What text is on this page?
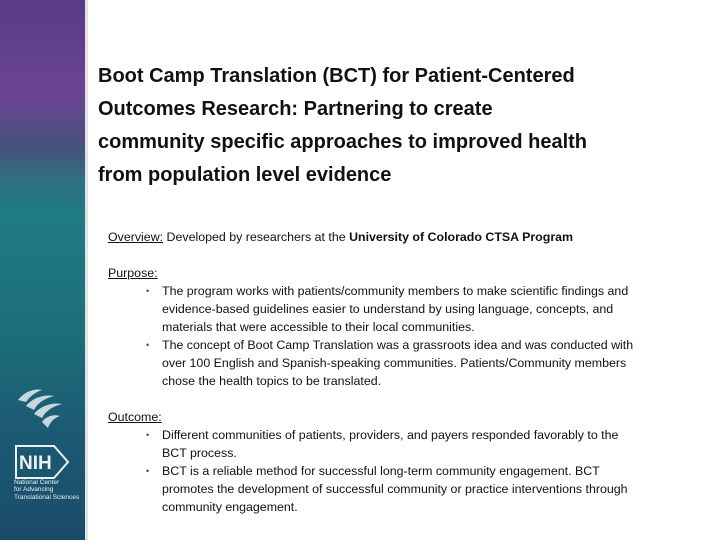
NIH
National Center
for Advancing
Translational Sciences
Boot Camp Translation (BCT) for Patient-Centered
Outcomes Research: Partnering to create
community specific approaches to improved health
from population level evidence
Overview: Developed by researchers at the University of Colorado CTSA Program
Purpose:
• The program works with patients/community members to make scientific findings and
evidence-based guidelines easier to understand by using language, concepts, and
materials that were accessible to their local communities.
• The concept of Boot Camp Translation was a grassroots idea and was conducted with
over 100 English and Spanish-speaking communities. Patients/Community members
chose the health topics to be translated.
Outcome:
• Different communities of patients, providers, and payers responded favorably to the
BCT process.
• BCT is a reliable method for successful long-term community engagement. BCT
promotes the development of successful community or practice interventions through
community engagement.
